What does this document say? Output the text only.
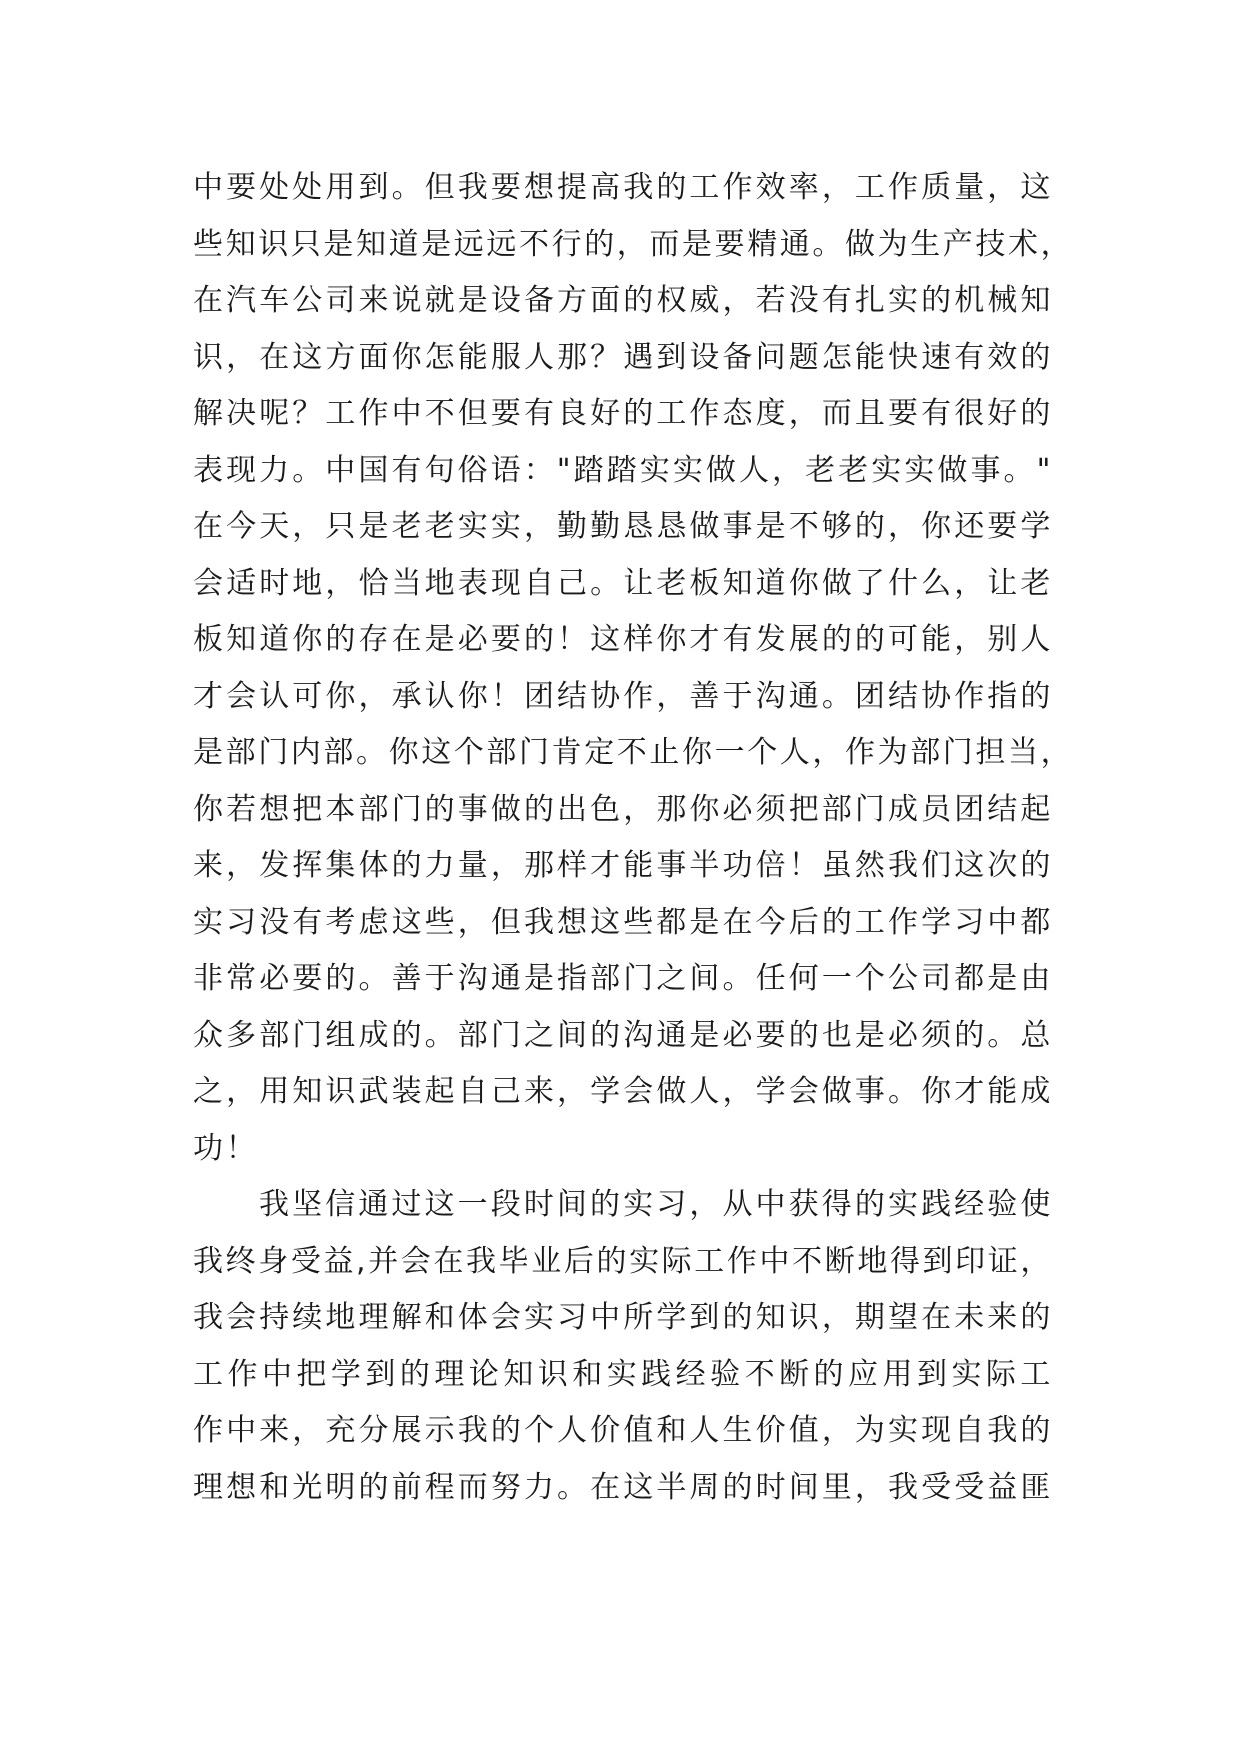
中要处处用到。但我要想提高我的工作效率，工作质量，这
些知识只是知道是远远不行的，而是要精通。做为生产技术，
在汽车公司来说就是设备方面的权威，若没有扎实的机械知
识，在这方面你怎能服人那？遇到设备问题怎能快速有效的
解决呢？工作中不但要有良好的工作态度，而且要有很好的
表现力。中国有句俗语："踏踏实实做人，老老实实做事。"
在今天，只是老老实实，勤勤恳恳做事是不够的，你还要学
会适时地，恰当地表现自己。让老板知道你做了什么，让老
板知道你的存在是必要的！这样你才有发展的的可能，别人
才会认可你，承认你！团结协作，善于沟通。团结协作指的
是部门内部。你这个部门肯定不止你一个人，作为部门担当，
你若想把本部门的事做的出色，那你必须把部门成员团结起
来，发挥集体的力量，那样才能事半功倍！虽然我们这次的
实习没有考虑这些，但我想这些都是在今后的工作学习中都
非常必要的。善于沟通是指部门之间。任何一个公司都是由
众多部门组成的。部门之间的沟通是必要的也是必须的。总
之，用知识武装起自己来，学会做人，学会做事。你才能成
功！
我坚信通过这一段时间的实习，从中获得的实践经验使
我终身受益,并会在我毕业后的实际工作中不断地得到印证，
我会持续地理解和体会实习中所学到的知识，期望在未来的
工作中把学到的理论知识和实践经验不断的应用到实际工
作中来，充分展示我的个人价值和人生价值，为实现自我的
理想和光明的前程而努力。在这半周的时间里，我受受益匪
